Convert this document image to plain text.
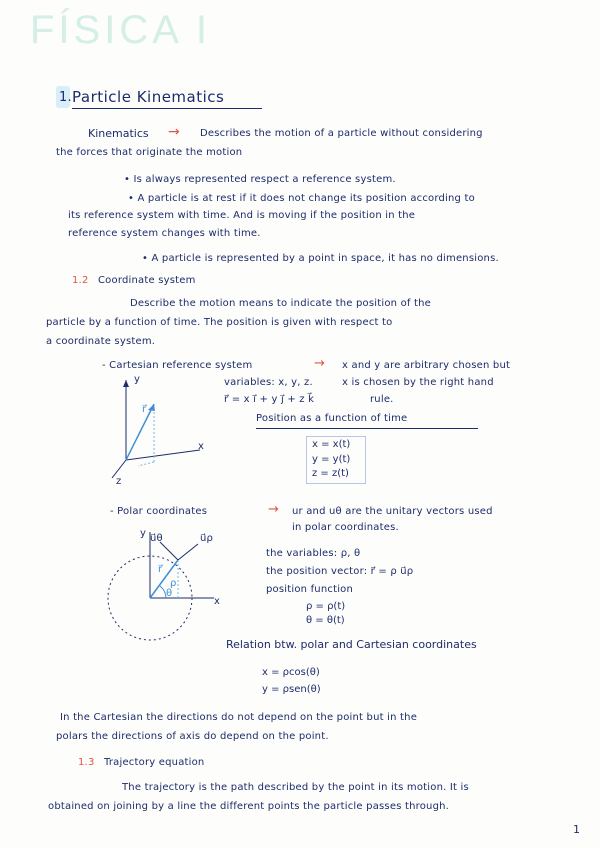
FÍSICA I
1. Particle Kinematics
Kinematics → Describes the motion of a particle without considering
the forces that originate the motion
• Is always represented respect a reference system.
• A particle is at rest if it does not change its position according to
its reference system with time. And is moving if the position in the
reference system changes with time.
• A particle is represented by a point in space, it has no dimensions.
1.2 Coordinate system
Describe the motion means to indicate the position of the
particle by a function of time. The position is given with respect to
a coordinate system.
- Cartesian reference system	→ x and y are arbitrary chosen but
variables: x, y, z.	x is chosen by the right hand
r⃗ = x i⃗ + y j⃗ + z k⃗	rule.
Position as a function of time
x = x(t)
y = y(t)
z = z(t)
y
x
z
r⃗
- Polar coordinates	→ ur and uθ are the unitary vectors used
in polar coordinates.
the variables: ρ, θ
the position vector: r⃗ = ρ u⃗ρ
position function
ρ = ρ(t)
θ = θ(t)
y
x
u⃗θ	u⃗ρ
r⃗
ρ
θ
Relation btw. polar and Cartesian coordinates
x = ρcos(θ)
y = ρsen(θ)
In the Cartesian the directions do not depend on the point but in the
polars the directions of axis do depend on the point.
1.3 Trajectory equation
The trajectory is the path described by the point in its motion. It is
obtained on joining by a line the different points the particle passes through.
1
